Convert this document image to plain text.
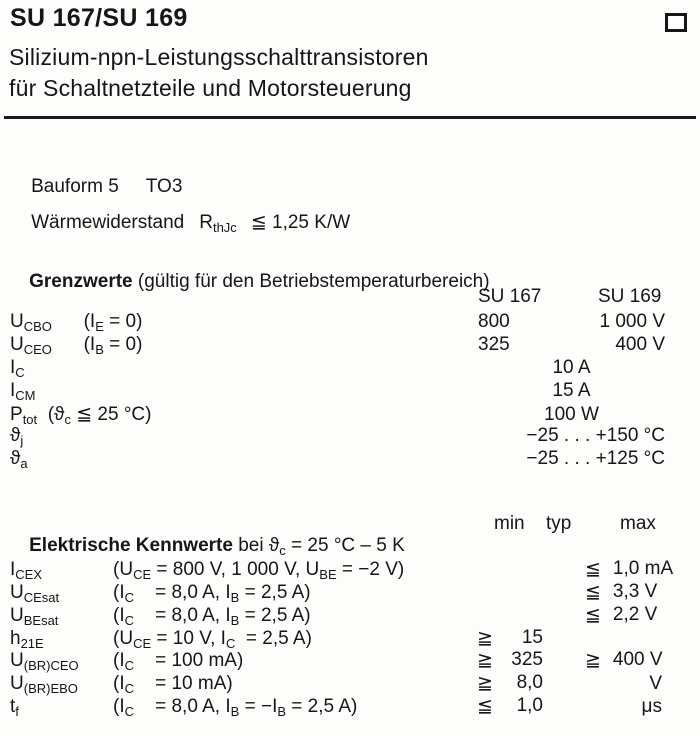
SU 167/SU 169
Silizium-npn-Leistungsschalttransistoren
für Schaltnetzteile und Motorsteuerung

Bauform 5 TO3

Wärmewiderstand $R_{thJc}$ ≦ 1,25 K/W

Grenzwerte (gültig für den Betriebstemperaturbereich)

SU 167	SU 169
$U_{CBO}$      $(I_E = 0)$	800	1 000 V
$U_{CEO}$      $(I_B = 0)$	325	400 V
$I_C$	10 A
$I_{CM}$	15 A
$P_{tot}$  ($ϑ_c$ ≦ 25 °C)	100 W
$ϑ_j$	−25 . . . +150 °C
$ϑ_a$	−25 . . . +125 °C

Elektrische Kennwerte bei $ϑ_c = 25$ °C – 5 K

min typ	max
$I_{CEX}$	($U_{CE} = 800$ V, 1 000 V, $U_{BE} = -2$ V)	≦ 1,0 mA
$U_{CEsat}$	($I_C$    = 8,0 A, $I_B = 2,5$ A)	≦ 3,3 V
$U_{BEsat}$	($I_C$    = 8,0 A, $I_B = 2,5$ A)	≦ 2,2 V
$h_{21E}$	($U_{CE} = 10$ V, $I_C = 2,5$ A)	≧ 15
$U_{(BR)CEO}$	($I_C$    = 100 mA)	≧ 325 ≧ 400 V
$U_{(BR)EBO}$	($I_C$    = 10 mA)	≧ 8,0	V
$t_f$	($I_C$    = 8,0 A, $I_B = -I_B = 2,5$ A)	≦ 1,0	μs
